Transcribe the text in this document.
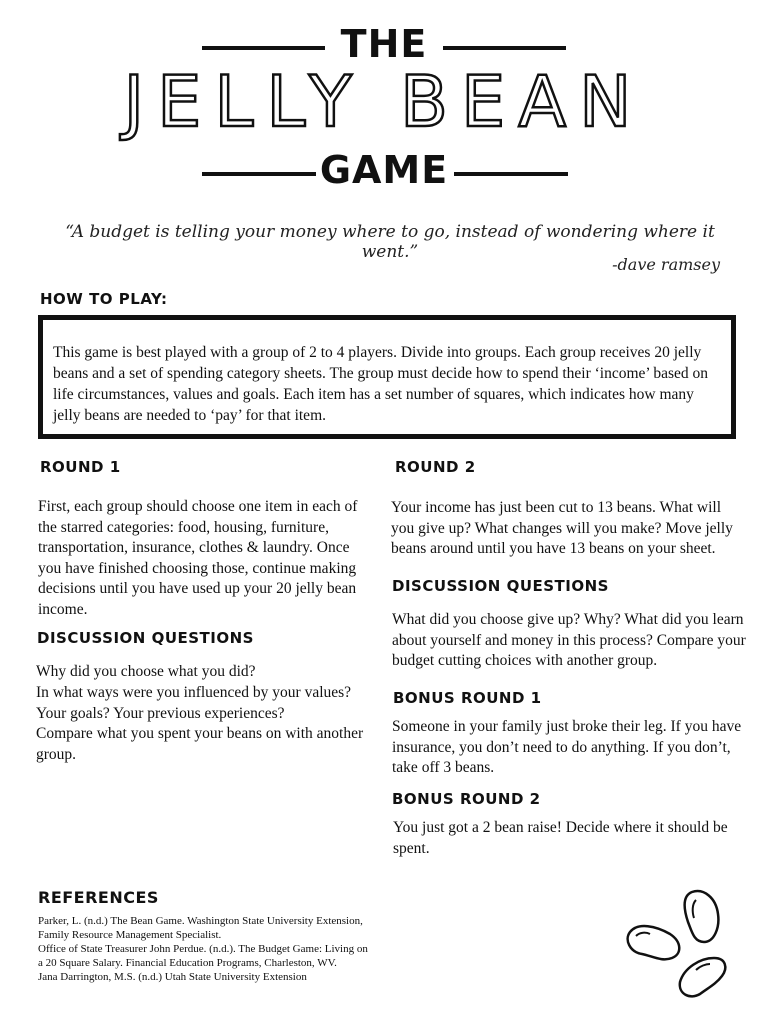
THE
JELLY BEAN
GAME
“A budget is telling your money where to go, instead of wondering where it went.”
-dave ramsey
HOW TO PLAY:
This game is best played with a group of 2 to 4 players. Divide into groups. Each group receives 20 jelly beans and a set of spending category sheets. The group must decide how to spend their ‘income’ based on life circumstances, values and goals. Each item has a set number of squares, which indicates how many jelly beans are needed to ‘pay’ for that item.
ROUND 1
First, each group should choose one item in each of the starred categories: food, housing, furniture, transportation, insurance, clothes & laundry. Once you have finished choosing those, continue making decisions until you have used up your 20 jelly bean income.
DISCUSSION QUESTIONS
Why did you choose what you did?
In what ways were you influenced by your values?
Your goals? Your previous experiences?
Compare what you spent your beans on with another group.
ROUND 2
Your income has just been cut to 13 beans. What will you give up? What changes will you make? Move jelly beans around until you have 13 beans on your sheet.
DISCUSSION QUESTIONS
What did you choose give up? Why? What did you learn about yourself and money in this process? Compare your budget cutting choices with another group.
BONUS ROUND 1
Someone in your family just broke their leg. If you have insurance, you don’t need to do anything. If you don’t, take off 3 beans.
BONUS ROUND 2
You just got a 2 bean raise! Decide where it should be spent.
REFERENCES
Parker, L. (n.d.) The Bean Game. Washington State University Extension, Family Resource Management Specialist.
Office of State Treasurer John Perdue. (n.d.). The Budget Game: Living on a 20 Square Salary. Financial Education Programs, Charleston, WV.
Jana Darrington, M.S. (n.d.) Utah State University Extension
